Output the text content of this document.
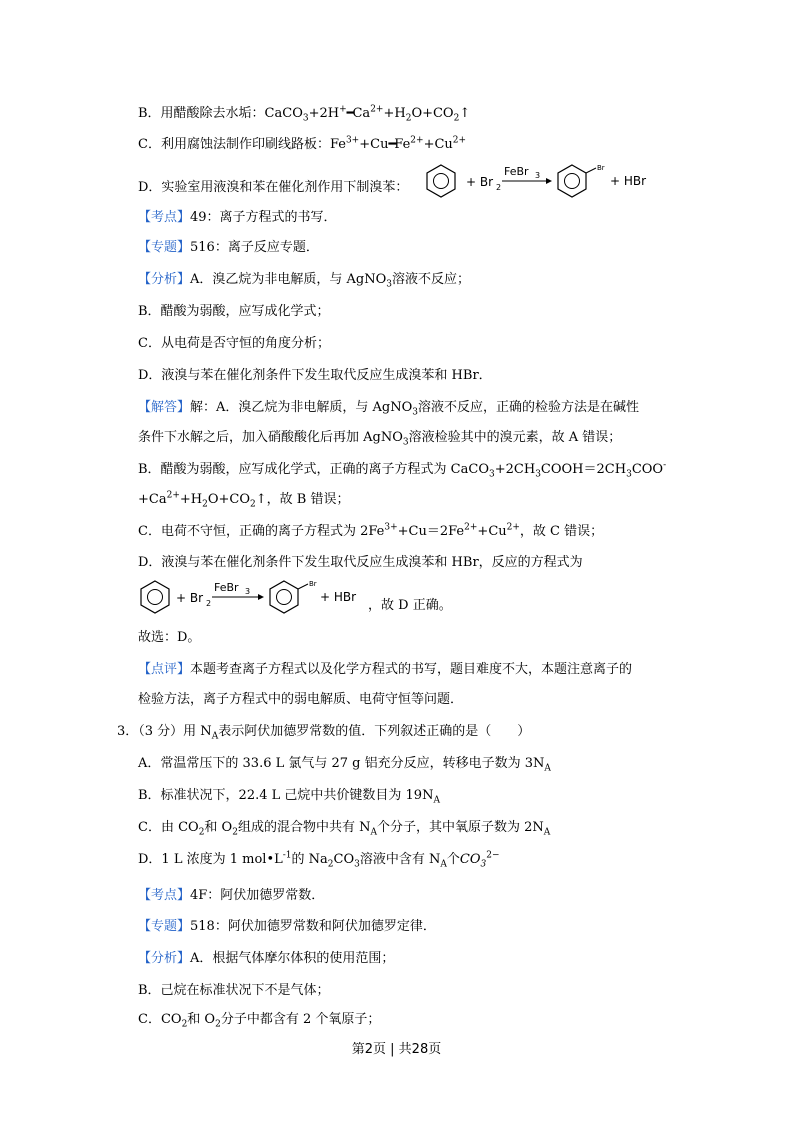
B．用醋酸除去水垢：$CaCO_3+2H^+━Ca^{2+}+H_2O+CO_2↑$
C．利用腐蚀法制作印刷线路板：$Fe^{3+}+Cu━Fe^{2+}+Cu^{2+}$
D．实验室用液溴和苯在催化剂作用下制溴苯：	+ Br 2
FeBr 3
Br
+ HBr
【考点】49：离子方程式的书写．
【专题】516：离子反应专题．
【分析】A．溴乙烷为非电解质，与 AgNO$_3$溶液不反应；
B．醋酸为弱酸，应写成化学式；
C．从电荷是否守恒的角度分析；
D．液溴与苯在催化剂条件下发生取代反应生成溴苯和 HBr．
【解答】解：A．溴乙烷为非电解质，与 AgNO$_3$溶液不反应，正确的检验方法是在碱性
条件下水解之后，加入硝酸酸化后再加 AgNO$_3$溶液检验其中的溴元素，故 A 错误；
B．醋酸为弱酸，应写成化学式，正确的离子方程式为 $CaCO_3+2CH_3COOH=2CH_3COO^-$
$+Ca^{2+}+H_2O+CO_2↑$，故 B 错误；
C．电荷不守恒，正确的离子方程式为 $2Fe^{3+}+Cu=2Fe^{2+}+Cu^{2+}$，故 C 错误；
D．液溴与苯在催化剂条件下发生取代反应生成溴苯和 HBr，反应的方程式为
+ Br 2
FeBr 3
Br
+ HBr
，故 D 正确。
故选：D。
【点评】本题考查离子方程式以及化学方程式的书写，题目难度不大，本题注意离子的
检验方法，离子方程式中的弱电解质、电荷守恒等问题．
3．（3 分）用 $N_A$表示阿伏加德罗常数的值．下列叙述正确的是（　　）
A．常温常压下的 33.6 L 氯气与 27 g 铝充分反应，转移电子数为 $3N_A$
B．标准状况下，22.4 L 己烷中共价键数目为 $19N_A$
C．由 $CO_2$和 $O_2$组成的混合物中共有 $N_A$个分子，其中氧原子数为 $2N_A$
D．1 L 浓度为 1 $mol•L^{-1}$的 $Na_2CO_3$溶液中含有 $N_A$个$CO_3^{2-}$
【考点】4F：阿伏加德罗常数．
【专题】518：阿伏加德罗常数和阿伏加德罗定律．
【分析】A．根据气体摩尔体积的使用范围；
B．己烷在标准状况下不是气体；
C．$CO_2$和 $O_2$分子中都含有 2 个氧原子；
第2页 | 共28页
